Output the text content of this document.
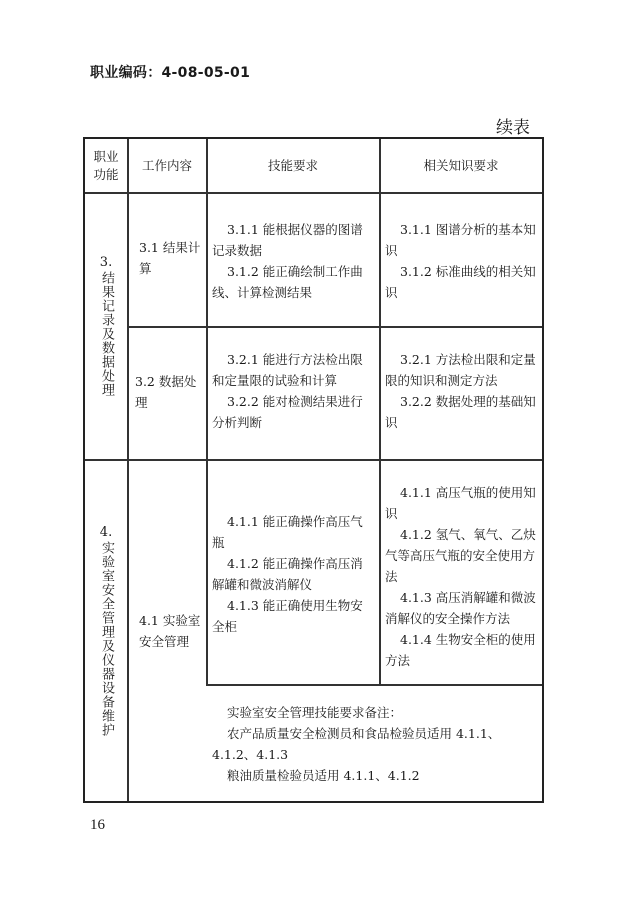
职业编码：4-08-05-01
续表
职业
功能
工作内容	技能要求	相关知识要求
3.
结果记录及数据处理
3.1 结果计算

3.1.1 能根据仪器的图谱记录数据

3.1.2 能正确绘制工作曲线、计算检测结果

3.1.1 图谱分析的基本知识

3.1.2 标准曲线的相关知识

3.2 数据处理

3.2.1 能进行方法检出限和定量限的试验和计算

3.2.2 能对检测结果进行分析判断

3.2.1 方法检出限和定量限的知识和测定方法

3.2.2 数据处理的基础知识

4.
实验室安全管理及仪器设备维护 4.1 实验室安全管理

4.1.1 能正确操作高压气瓶

4.1.2 能正确操作高压消解罐和微波消解仪

4.1.3 能正确使用生物安全柜

4.1.1 高压气瓶的使用知识

4.1.2 氢气、氧气、乙炔气等高压气瓶的安全使用方法

4.1.3 高压消解罐和微波消解仪的安全操作方法

4.1.4 生物安全柜的使用方法

实验室安全管理技能要求备注：

农产品质量安全检测员和食品检验员适用 4.1.1、4.1.2、4.1.3

粮油质量检验员适用 4.1.1、4.1.2

16
